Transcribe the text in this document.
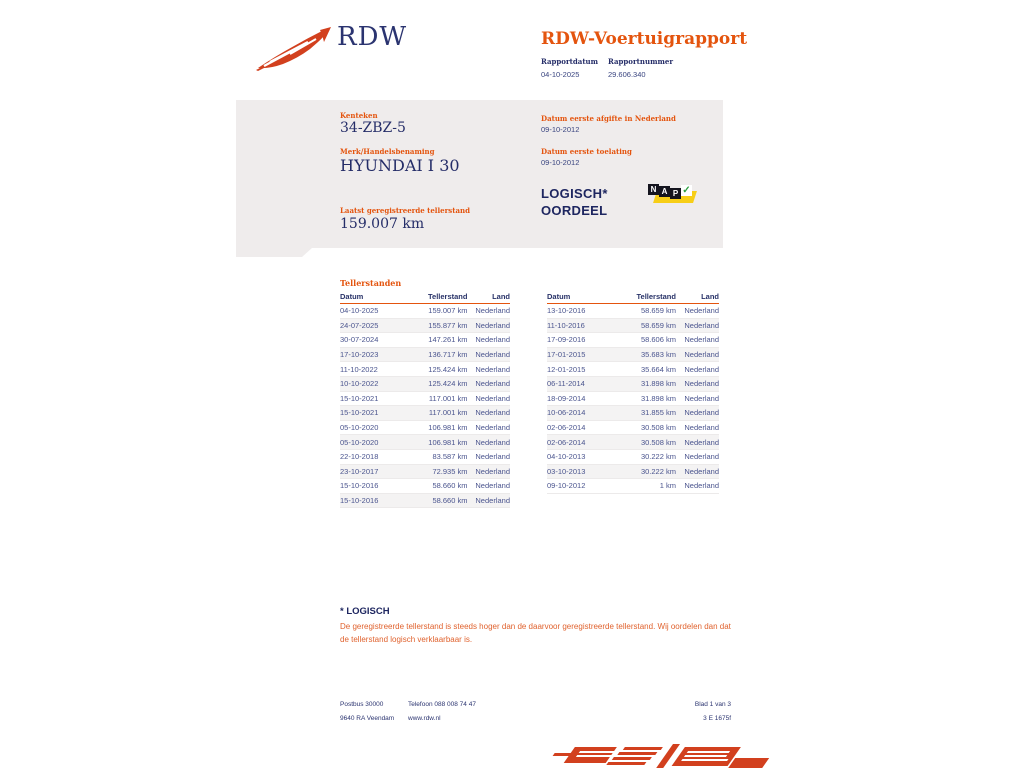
RDW	RDW-Voertuigrapport
Rapportdatum
04-10-2025
Rapportnummer
29.606.340
Kenteken
34-ZBZ-5
Merk/Handelsbenaming
HYUNDAI I 30
Laatst geregistreerde tellerstand
159.007 km
Datum eerste afgifte in Nederland
09-10-2012
Datum eerste toelating
09-10-2012
LOGISCH*
OORDEEL
N A P ✓
Tellerstanden
Datum	Tellerstand	Land
04-10-2025	159.007 km	Nederland
24-07-2025	155.877 km	Nederland
30-07-2024	147.261 km	Nederland
17-10-2023	136.717 km	Nederland
11-10-2022	125.424 km	Nederland
10-10-2022	125.424 km	Nederland
15-10-2021	117.001 km	Nederland
15-10-2021	117.001 km	Nederland
05-10-2020	106.981 km	Nederland
05-10-2020	106.981 km	Nederland
22-10-2018	83.587 km	Nederland
23-10-2017	72.935 km	Nederland
15-10-2016	58.660 km	Nederland
15-10-2016	58.660 km	Nederland
Datum	Tellerstand	Land
13-10-2016	58.659 km	Nederland
11-10-2016	58.659 km	Nederland
17-09-2016	58.606 km	Nederland
17-01-2015	35.683 km	Nederland
12-01-2015	35.664 km	Nederland
06-11-2014	31.898 km	Nederland
18-09-2014	31.898 km	Nederland
10-06-2014	31.855 km	Nederland
02-06-2014	30.508 km	Nederland
02-06-2014	30.508 km	Nederland
04-10-2013	30.222 km	Nederland
03-10-2013	30.222 km	Nederland
09-10-2012	1 km	Nederland
* LOGISCH
De geregistreerde tellerstand is steeds hoger dan de daarvoor geregistreerde tellerstand. Wij oordelen dan dat de tellerstand logisch verklaarbaar is.
Postbus 30000
9640 RA Veendam
Telefoon 088 008 74 47
www.rdw.nl
Blad 1 van 3
3 E 1675f
